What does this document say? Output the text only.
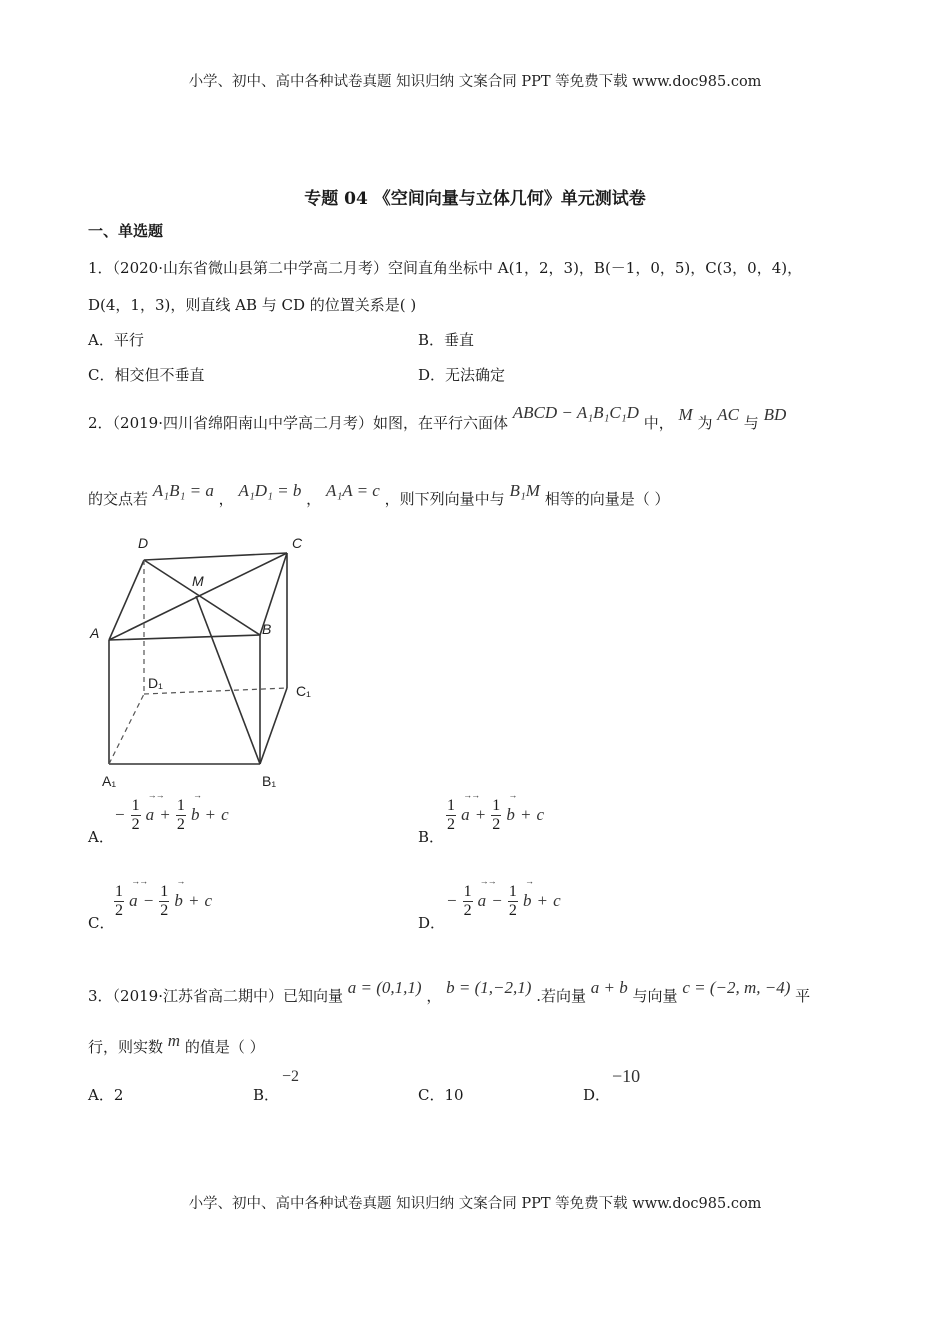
小学、初中、高中各种试卷真题 知识归纳 文案合同 PPT 等免费下载 www.doc985.com
专题 04 《空间向量与立体几何》单元测试卷
一、单选题
1．（2020·山东省微山县第二中学高二月考）空间直角坐标中 A(1，2，3)，B(－1，0，5)，C(3，0，4)，
D(4，1，3)，则直线 AB 与 CD 的位置关系是( )
A．平行	B．垂直
C．相交但不垂直	D．无法确定
2．（2019·四川省绵阳南山中学高二月考）如图，在平行六面体 ABCD − A₁B₁C₁D 中， M 为 AC 与 BD
的交点若 A₁B₁ = a ， A₁D₁ = b ， A₁A = c ，则下列向量中与 B₁M 相等的向量是（ ）
D	C
M
A	B
D₁	C₁
A₁	B₁
A．
− $\frac{1}{2}$

→→
$a + \frac{1}{2}$

→
b + c
B．
$\frac{1}{2}$

→→
$a + \frac{1}{2}$

→
b + c
C．
$\frac{1}{2}$

→→
$a - \frac{1}{2}$

→
b + c
D．
− $\frac{1}{2}$

→→
$a - \frac{1}{2}$

→
b + c
3．（2019·江苏省高二期中）已知向量 a = (0,1,1) ， b = (1,−2,1) .若向量 a + b 与向量 c = (−2, m, −4) 平
行，则实数 m 的值是（ ）
A．2	B．
−2
C．10	D．
−10
小学、初中、高中各种试卷真题 知识归纳 文案合同 PPT 等免费下载 www.doc985.com
